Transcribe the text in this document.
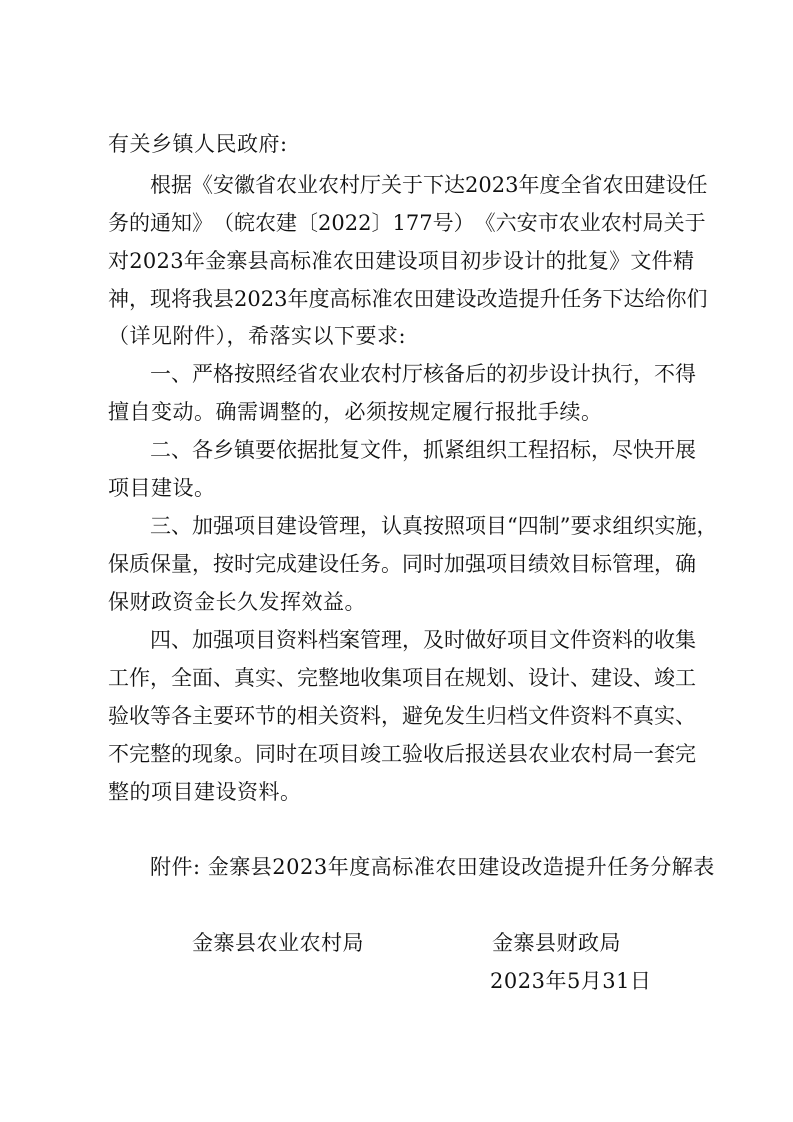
有关乡镇人民政府:
根 据 《 安 徽 省 农 业 农 村 厅 关 于 下 达 2 0 2 3 年 度 全 省 农 田 建 设 任
务 的 通 知 》 （ 皖 农 建 〔 2 0 2 2 〕 1 7 7 号 ） 《 六 安 市 农 业 农 村 局 关 于
对 2 0 2 3 年 金 寨 县 高 标 准 农 田 建 设 项 目 初 步 设 计 的 批 复 》 文 件 精
神 ， 现 将 我 县 2 0 2 3 年 度 高 标 准 农 田 建 设 改 造 提 升 任 务 下 达 给 你 们
（详见附件），希落实以下要求:
一 、 严 格 按 照 经 省 农 业 农 村 厅 核 备 后 的 初 步 设 计 执 行 ， 不 得
擅自变动。确需调整的，必须按规定履行报批手续。
二 、 各 乡 镇 要 依 据 批 复 文 件 ， 抓 紧 组 织 工 程 招 标 ， 尽 快 开 展
项目建设。
三 、 加 强 项 目 建 设 管 理 ， 认 真 按 照 项 目 “ 四 制 ” 要 求 组 织 实 施 ，
保 质 保 量 ， 按 时 完 成 建 设 任 务 。 同 时 加 强 项 目 绩 效 目 标 管 理 ， 确
保财政资金长久发挥效益。
四 、 加 强 项 目 资 料 档 案 管 理 ， 及 时 做 好 项 目 文 件 资 料 的 收 集
工 作 ， 全 面 、 真 实 、 完 整 地 收 集 项 目 在 规 划 、 设 计 、 建 设 、 竣 工
验 收 等 各 主 要 环 节 的 相 关 资 料 ， 避 免 发 生 归 档 文 件 资 料 不 真 实 、
不 完 整 的 现 象 。 同 时 在 项 目 竣 工 验 收 后 报 送 县 农 业 农 村 局 一 套 完
整的项目建设资料。
附件: 金寨县2023年度高标准农田建设改造提升任务分解表
金寨县农业农村局	金寨县财政局
2023年5月31日
